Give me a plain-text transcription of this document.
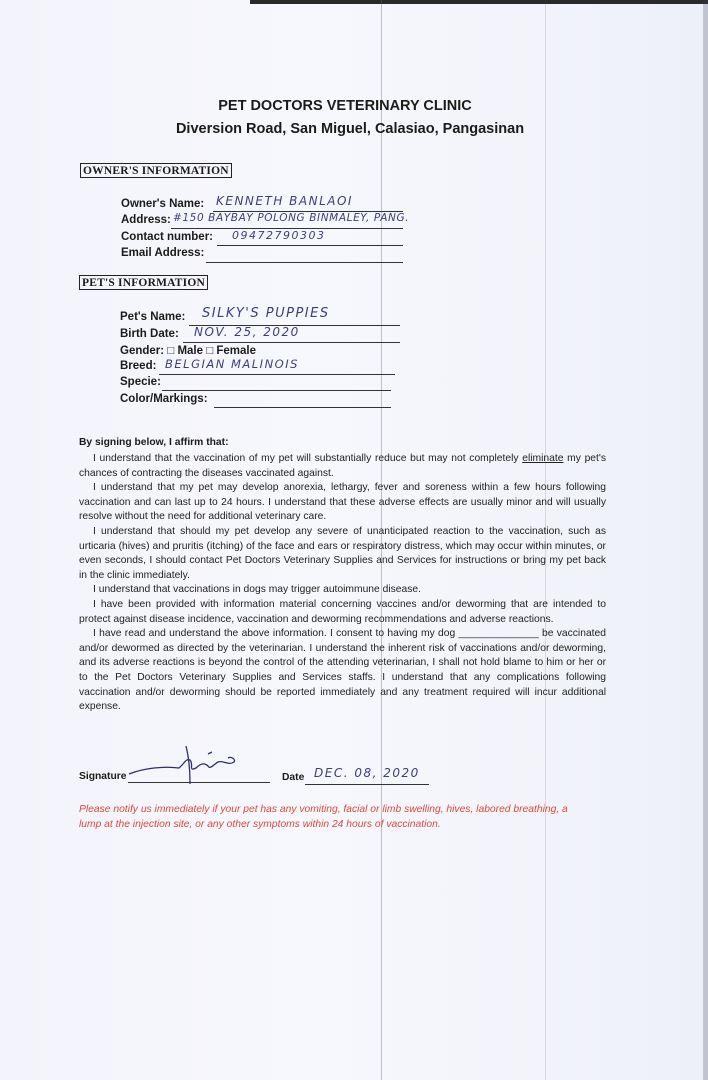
PET DOCTORS VETERINARY CLINIC
Diversion Road, San Miguel, Calasiao, Pangasinan
OWNER'S INFORMATION
Owner's Name: KENNETH BANLAOI
Address: #150 BAYBAY POLONG BINMALEY, PANG.
Contact number: 09472790303
Email Address:
PET'S INFORMATION
Pet's Name: SILKY'S PUPPIES
Birth Date: NOV. 25, 2020
Gender: □ Male □ Female
Breed: BELGIAN MALINOIS
Specie:
Color/Markings:
By signing below, I affirm that:

I understand that the vaccination of my pet will substantially reduce but may not completely eliminate my pet's chances of contracting the diseases vaccinated against.

I understand that my pet may develop anorexia, lethargy, fever and soreness within a few hours following vaccination and can last up to 24 hours. I understand that these adverse effects are usually minor and will usually resolve without the need for additional veterinary care.

I understand that should my pet develop any severe of unanticipated reaction to the vaccination, such as urticaria (hives) and pruritis (itching) of the face and ears or respiratory distress, which may occur within minutes, or even seconds, I should contact Pet Doctors Veterinary Supplies and Services for instructions or bring my pet back in the clinic immediately.

I understand that vaccinations in dogs may trigger autoimmune disease.

I have been provided with information material concerning vaccines and/or deworming that are intended to protect against disease incidence, vaccination and deworming recommendations and adverse reactions.

I have read and understand the above information. I consent to having my dog ______________ be vaccinated and/or dewormed as directed by the veterinarian. I understand the inherent risk of vaccinations and/or deworming, and its adverse reactions is beyond the control of the attending veterinarian, I shall not hold blame to him or her or to the Pet Doctors Veterinary Supplies and Services staffs. I understand that any complications following vaccination and/or deworming should be reported immediately and any treatment required will incur additional expense.

Signature	Date DEC. 08, 2020
Please notify us immediately if your pet has any vomiting, facial or limb swelling, hives, labored breathing, a lump at the injection site, or any other symptoms within 24 hours of vaccination.
